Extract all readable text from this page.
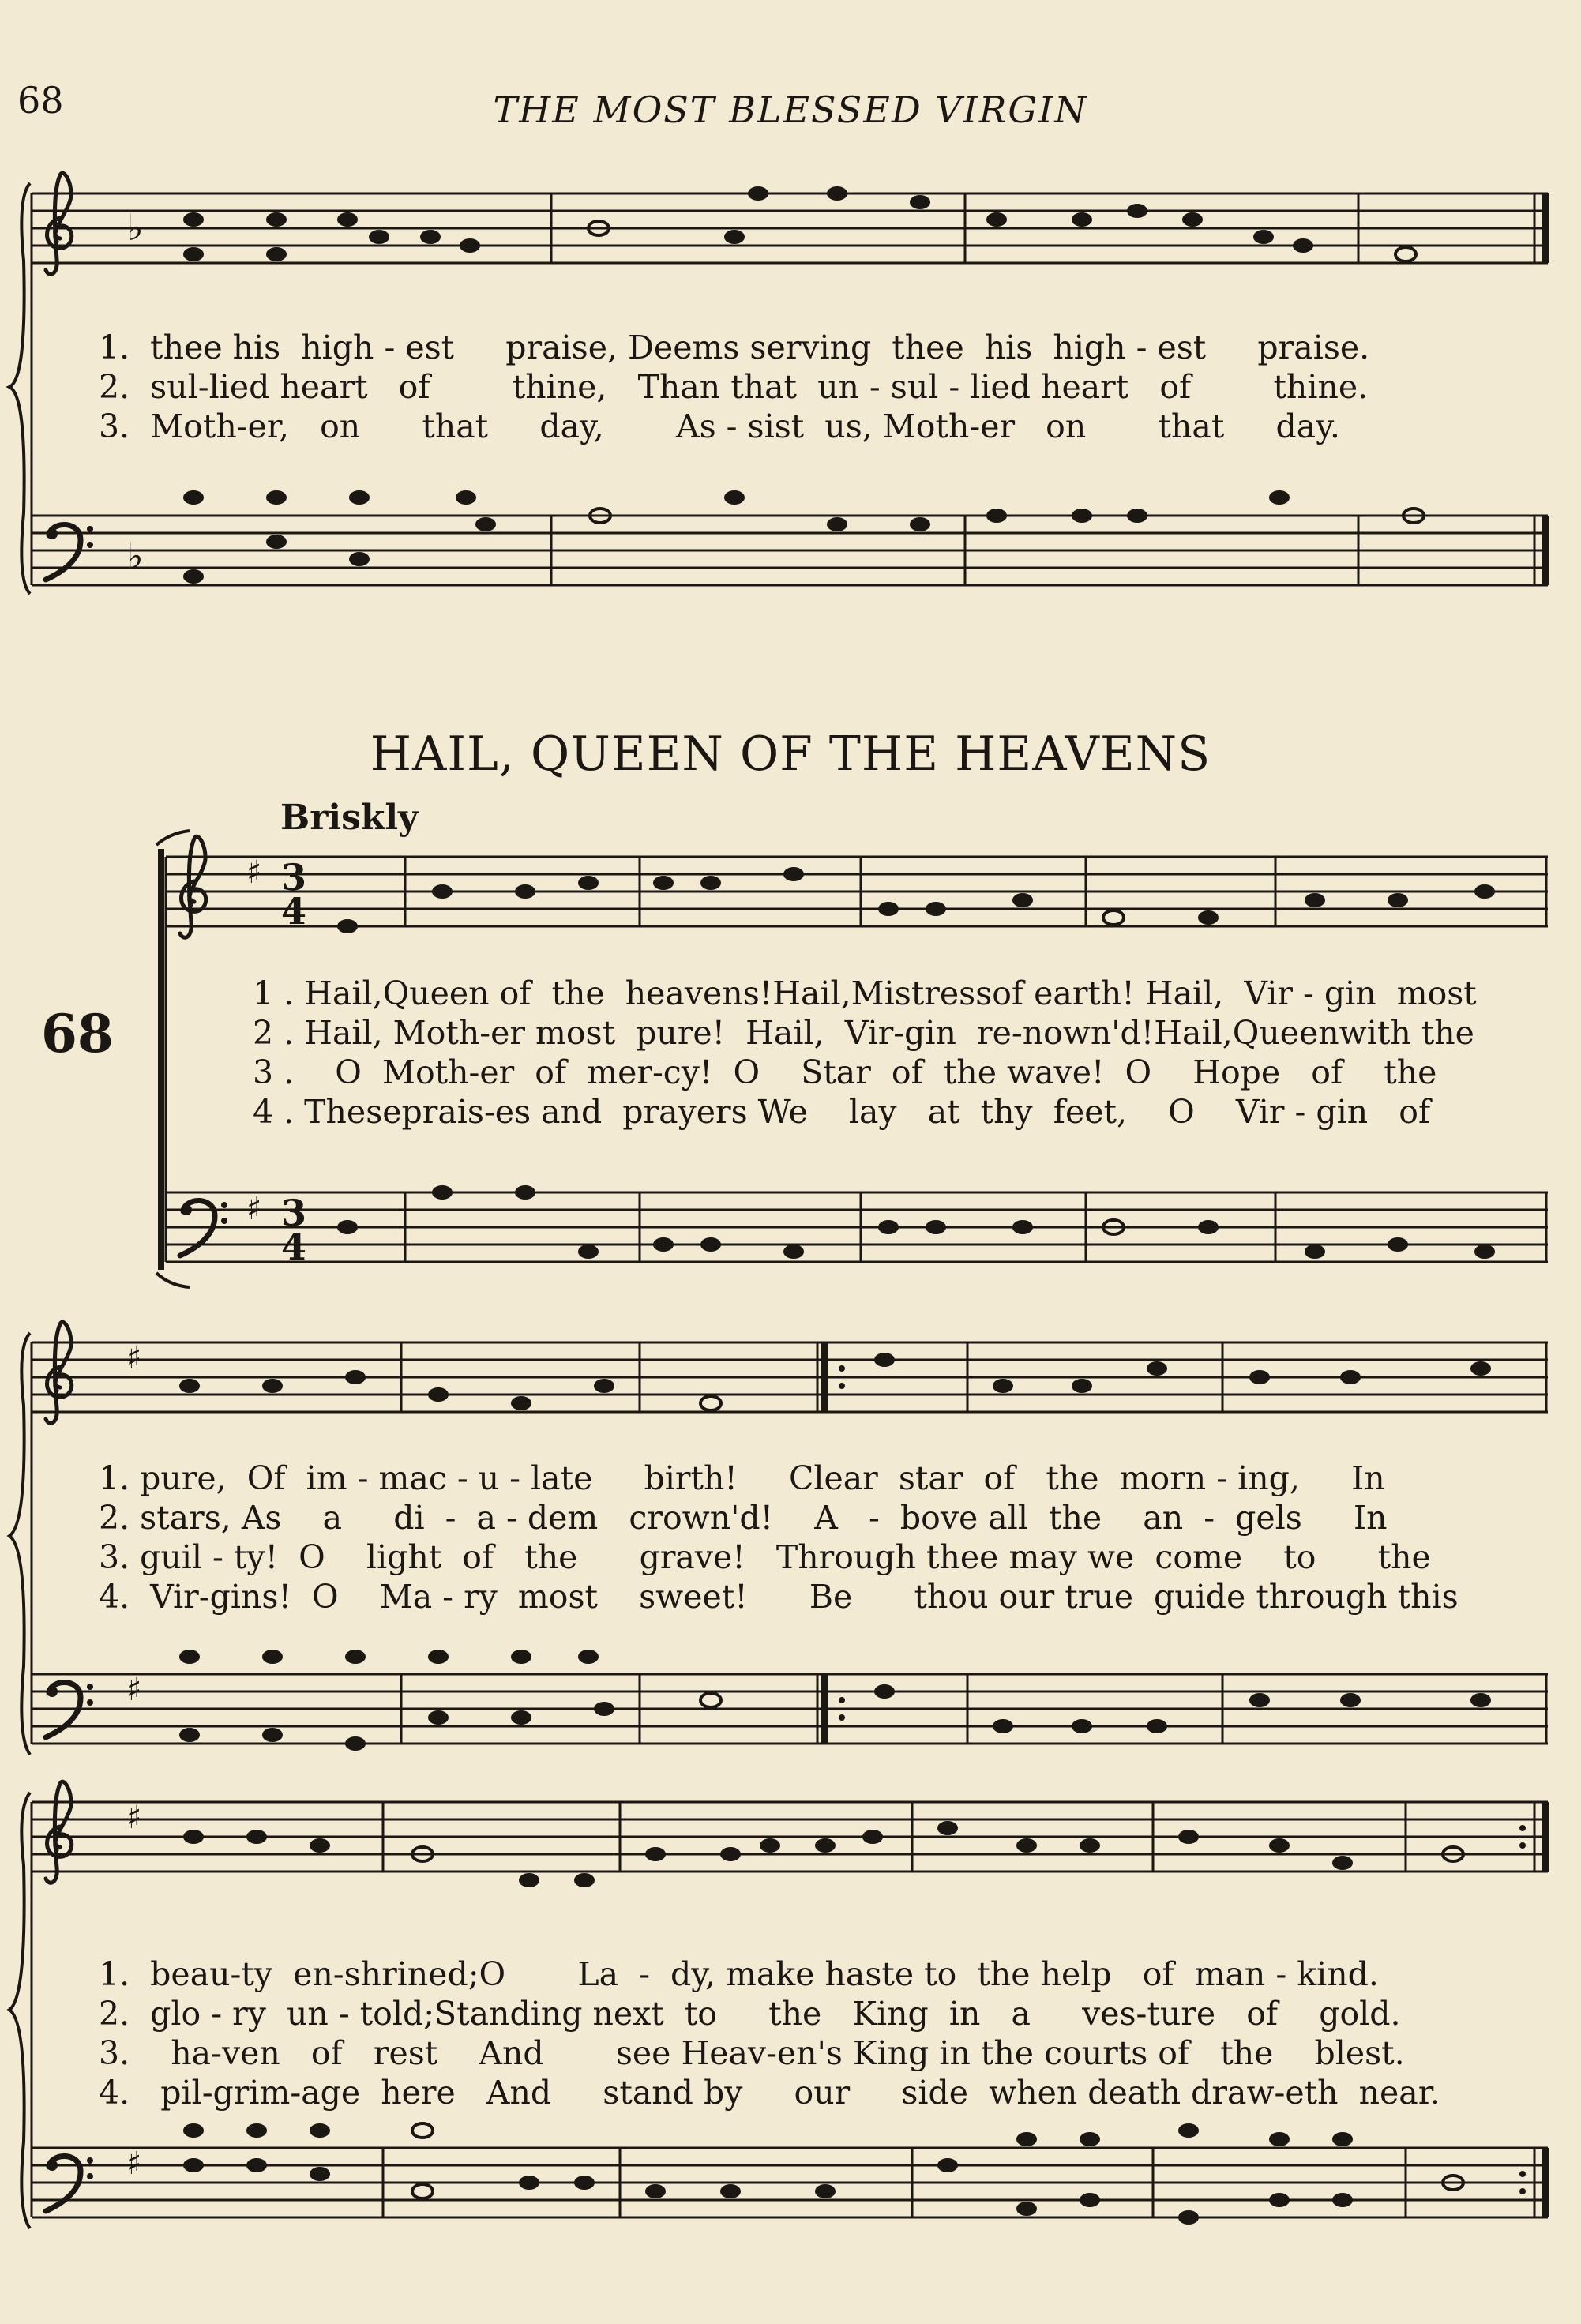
68	THE MOST BLESSED VIRGIN
♭
♭
♯
♯
3
4
3
4
♯
♯
♯
♯
HAIL, QUEEN OF THE HEAVENS
Briskly
68
1.  thee his  high - est     praise, Deems serving  thee  his  high - est     praise.
2.  sul-lied heart   of        thine,   Than that  un - sul - lied heart   of        thine.
3.  Moth-er,   on      that     day,       As - sist  us, Moth-er   on       that     day.
1 . Hail,Queen of  the  heavens!Hail,Mistressof earth! Hail,  Vir - gin  most
2 . Hail, Moth-er most  pure!  Hail,  Vir-gin  re-nown'd!Hail,Queenwith the
3 .    O  Moth-er  of  mer-cy!  O    Star  of  the wave!  O    Hope   of    the
4 . Theseprais-es and  prayers We    lay   at  thy  feet,    O    Vir - gin   of
1. pure,  Of  im - mac - u - late     birth!     Clear  star  of   the  morn - ing,     In
2. stars, As    a     di  -  a - dem   crown'd!    A   -  bove all  the    an  -  gels     In
3. guil - ty!  O    light  of   the      grave!   Through thee may we  come    to      the
4.  Vir-gins!  O    Ma - ry  most    sweet!      Be      thou our true  guide through this
1.  beau-ty  en-shrined;O       La  -  dy, make haste to  the help   of  man - kind.
2.  glo - ry  un - told;Standing next  to     the   King  in   a     ves-ture   of    gold.
3.    ha-ven   of   rest    And       see Heav-en's King in the courts of   the    blest.
4.   pil-grim-age  here   And     stand by     our     side  when death draw-eth  near.
